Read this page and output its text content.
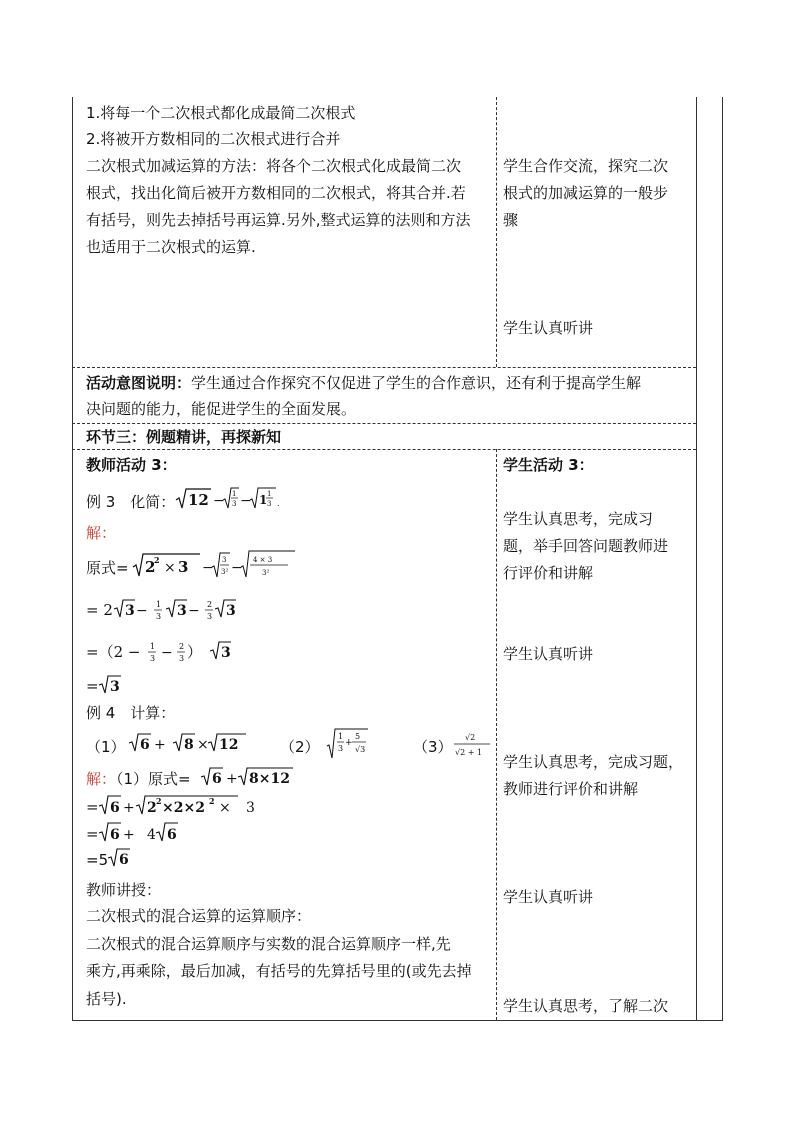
1.将每一个二次根式都化成最简二次根式
2.将被开方数相同的二次根式进行合并
二次根式加减运算的方法：将各个二次根式化成最简二次
根式，找出化简后被开方数相同的二次根式，将其合并.若
有括号，则先去掉括号再运算.另外,整式运算的法则和方法
也适用于二次根式的运算.
学生合作交流，探究二次
根式的加减运算的一般步
骤
学生认真听讲
活动意图说明：学生通过合作探究不仅促进了学生的合作意识，还有利于提高学生解
决问题的能力，能促进学生的全面发展。
环节三：例题精讲，再探新知
教师活动 3：
例 3　化简： 12 − 1
3 − 1 1
3 .
解：
原式= 2
2 × 3 − 3
3² − 4 × 3
3²
= 2 3 − 1
3 3 − 2
3 3
=（2 − 1
3 − 2
3 ） 3
= 3
例 4　计算：
（1） 6 + 8 × 12	（2）
1
3
+
5
√3	（3）
√2
√2 + 1
解：（1）原式= 6 + 8×12
= 6 + 2 2 ×2×2 2 × 3
= 6 + 4 6
=5 6
教师讲授：
二次根式的混合运算的运算顺序：
二次根式的混合运算顺序与实数的混合运算顺序一样,先
乘方,再乘除，最后加减，有括号的先算括号里的(或先去掉
括号).
学生活动 3：
学生认真思考，完成习
题，举手回答问题教师进
行评价和讲解
学生认真听讲
学生认真思考，完成习题，
教师进行评价和讲解
学生认真听讲
学生认真思考，了解二次
